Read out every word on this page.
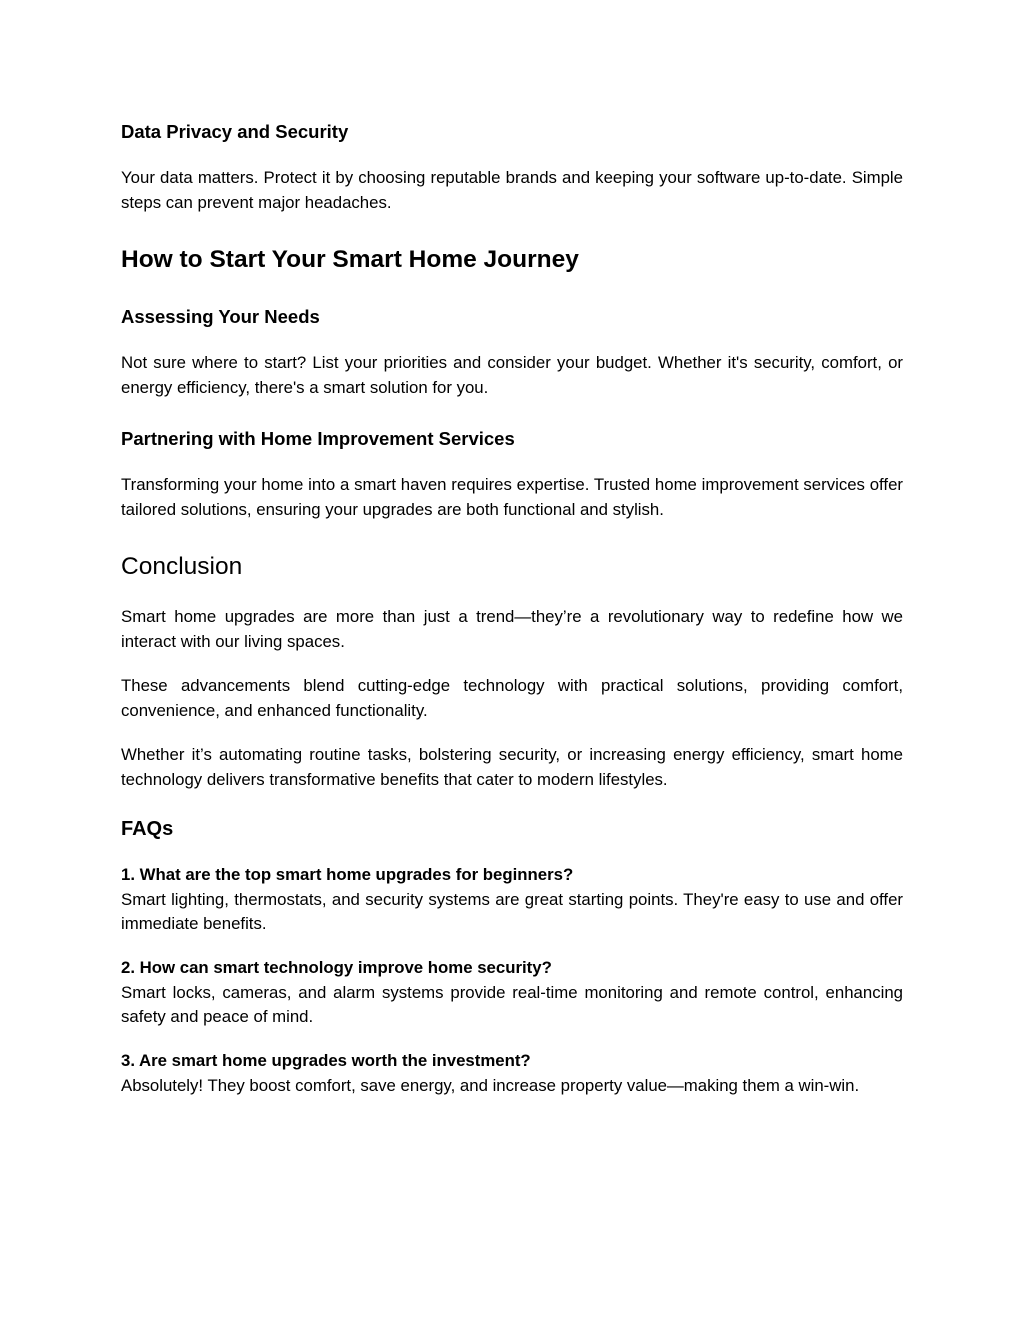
Data Privacy and Security

Your data matters. Protect it by choosing reputable brands and keeping your software up-to-date. Simple steps can prevent major headaches.

How to Start Your Smart Home Journey
Assessing Your Needs

Not sure where to start? List your priorities and consider your budget. Whether it's security, comfort, or energy efficiency, there's a smart solution for you.

Partnering with Home Improvement Services

Transforming your home into a smart haven requires expertise. Trusted home improvement services offer tailored solutions, ensuring your upgrades are both functional and stylish.

Conclusion

Smart home upgrades are more than just a trend—they’re a revolutionary way to redefine how we interact with our living spaces.

These advancements blend cutting-edge technology with practical solutions, providing comfort, convenience, and enhanced functionality.

Whether it’s automating routine tasks, bolstering security, or increasing energy efficiency, smart home technology delivers transformative benefits that cater to modern lifestyles.

FAQs
1. What are the top smart home upgrades for beginners?
Smart lighting, thermostats, and security systems are great starting points. They're easy to use and offer immediate benefits.
2. How can smart technology improve home security?
Smart locks, cameras, and alarm systems provide real-time monitoring and remote control, enhancing safety and peace of mind.
3. Are smart home upgrades worth the investment?
Absolutely! They boost comfort, save energy, and increase property value—making them a win-win.
